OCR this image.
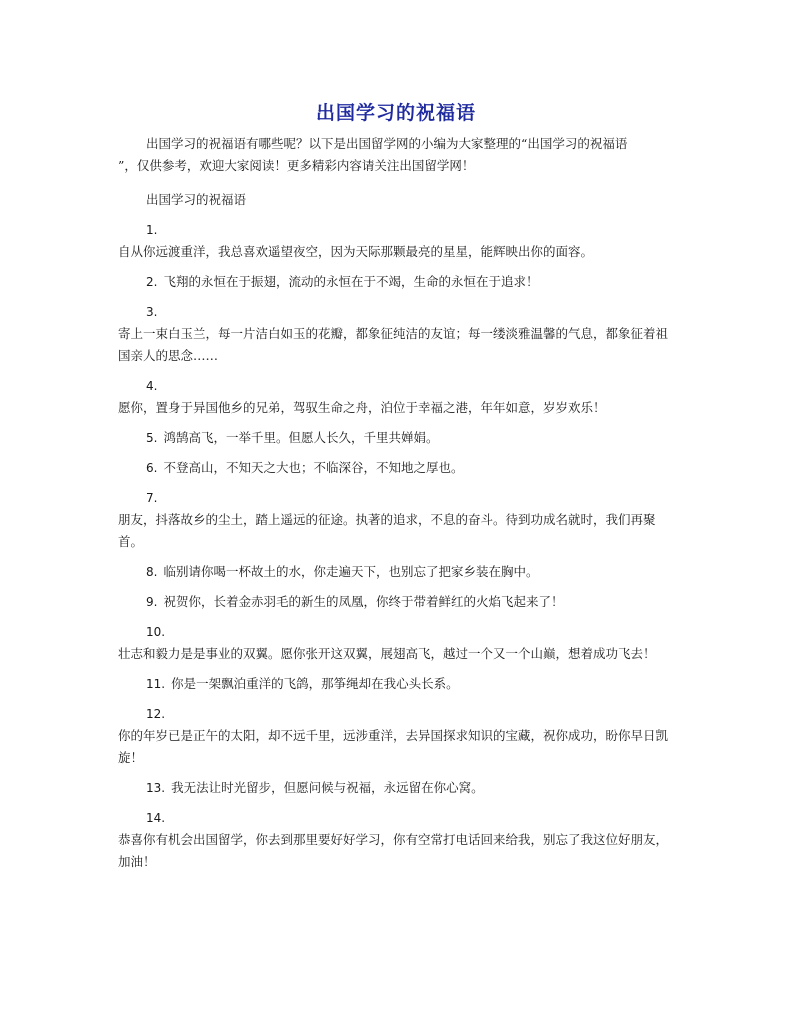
出国学习的祝福语

出国学习的祝福语有哪些呢？以下是出国留学网的小编为大家整理的“出国学习的祝福语
”，仅供参考，欢迎大家阅读！更多精彩内容请关注出国留学网！

出国学习的祝福语

1.
自从你远渡重洋，我总喜欢遥望夜空，因为天际那颗最亮的星星，能辉映出你的面容。
2. 飞翔的永恒在于振翅，流动的永恒在于不竭，生命的永恒在于追求！
3.
寄上一束白玉兰，每一片洁白如玉的花瓣，都象征纯洁的友谊；每一缕淡雅温馨的气息，都象征着祖国亲人的思念……
4.
愿你，置身于异国他乡的兄弟，驾驭生命之舟，泊位于幸福之港，年年如意，岁岁欢乐！
5. 鸿鹄高飞，一举千里。但愿人长久，千里共婵娟。
6. 不登高山，不知天之大也；不临深谷，不知地之厚也。
7.
朋友，抖落故乡的尘土，踏上遥远的征途。执著的追求，不息的奋斗。待到功成名就时，我们再聚首。
8. 临别请你喝一杯故土的水，你走遍天下，也别忘了把家乡装在胸中。
9. 祝贺你，长着金赤羽毛的新生的凤凰，你终于带着鲜红的火焰飞起来了！
10.
壮志和毅力是是事业的双翼。愿你张开这双翼，展翅高飞，越过一个又一个山巅，想着成功飞去！
11. 你是一架飘泊重洋的飞鸽，那筝绳却在我心头长系。
12.
你的年岁已是正午的太阳，却不远千里，远涉重洋，去异国探求知识的宝藏，祝你成功，盼你早日凯旋！
13. 我无法让时光留步，但愿问候与祝福，永远留在你心窝。
14.
恭喜你有机会出国留学，你去到那里要好好学习，你有空常打电话回来给我，别忘了我这位好朋友，加油！
